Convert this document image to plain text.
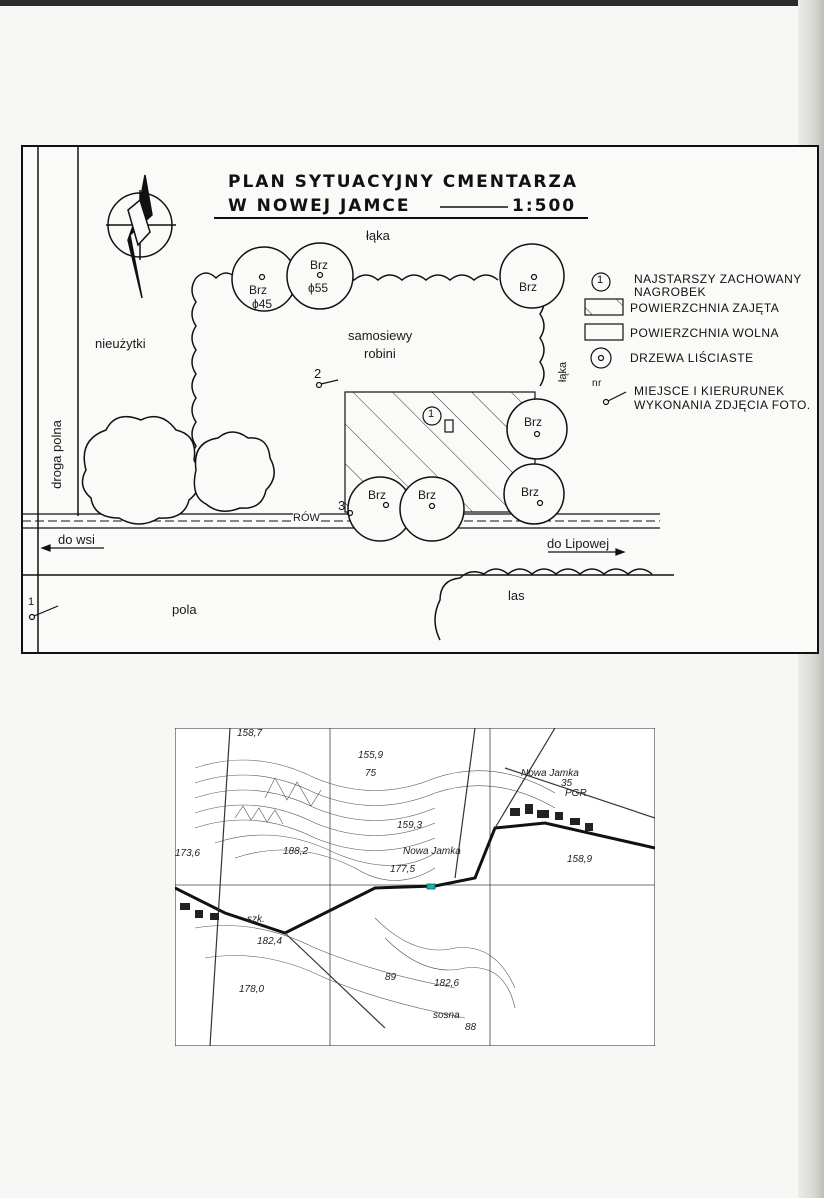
PLAN SYTUACYJNY CMENTARZA
W NOWEJ JAMCE	1:500
łąka
łąka
nieużytki
samosiewy
robini
droga polna
RÓW
do wsi	do Lipowej
pola
las
Brz
ϕ45
Brz
ϕ55	Brz
Brz
Brz
Brz	Brz
1
2
3
1
1	NAJSTARSZY ZACHOWANY
NAGROBEK
POWIERZCHNIA ZAJĘTA
POWIERZCHNIA WOLNA
DRZEWA LIŚCIASTE
nr
MIEJSCE I KIERURUNEK
WYKONANIA ZDJĘCIA FOTO.
158,7
155,9
159,3
173,6	188,2
177,5
182,4
178,0
182,6
Nowa Jamka
Nowa Jamka
PGR
szk.
sosna
35
75
89
88
158,9
